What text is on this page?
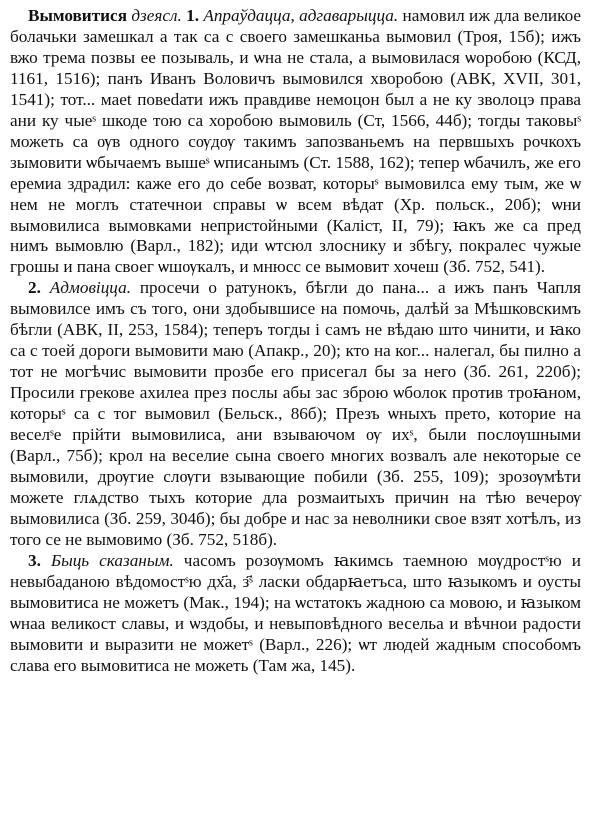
Вымовитися дзеясл. 1. Апраўдацца, адгаварыцца. намовил иж дла великое болачьки замешкал а так са с своего замешканьа вымовил (Троя, 15б); ижъ вжо трема позвы ее позываль, и ѡна не стала, а вымовилася ѡоробою (КСД, 1161, 1516); панъ Иванъ Воловичъ вымовился хворобою (АВК, XVII, 301, 1541); тот... маеt повеdати ижъ правдиве немоцон был а не ку зволоцэ права ани ку чыеˢ шкоде тою са хоробою вымовиль (Ст, 1566, 44б); тогды таковыˢ можеть са ѹв одного сѹдѹ такимъ запозваньемъ на первшыхъ рочкохъ зымовити ѡбычаемъ вышеˢ ѡписанымъ (Ст. 1588, 162); тепер ѡбачилъ, же его еремиа здрадил: каже его до себе возват, которыˢ вымовилса ему тым, же ѡ нем не моглъ статечнои справы ѡ всем вѣдат (Хр. польск., 20б); ѡни вымовилиса вымовками непристойными (Каліст, II, 79); ꙗкъ же са пред нимъ вымовлю (Варл., 182); иди ѡтсюл злоснику и збѣгу, покралес чужые грошы и пана своег ѡшѹкалъ, и мнюсс се вымовит хочеш (Зб. 752, 541).

2. Адмовіцца. просечи о ратунокъ, бѣгли до пана... а ижъ панъ Чапля вымовилсе имъ съ того, они здобывшисе на помочь, далѣй за Мѣшковскимъ бѣгли (АВК, II, 253, 1584); теперъ тогды і самъ не вѣдаю што чинити, и ꙗко са с тоей дороги вымовити маю (Апакр., 20); кто на ког... налегал, бы пилно а тот не могѣчис вымовити прозбе его присегал бы за него (Зб. 261, 220б); Просили грекове ахилеа през послы абы зас зброю ѡболок против троꙗном, которыˢ са с тог вымовил (Бельск., 86б); Презъ ѡныхъ прето, которие на веселˢе прійти вымовилиса, ани взываючом ѹ ихˢ, были послѹшными (Варл., 75б); крол на веселие сына своего многих возвалъ але некоторые се вымовили, дрѹгие слѹги взывающие побили (Зб. 255, 109); зрозѹмѣти можете глѧдство тыхъ которие дла розмаитыхъ причин на тѣю вечерѹ вымовилиса (Зб. 259, 304б); бы добре и нас за неволники свое взят хотѣлъ, из того се не вымовимо (Зб. 752, 518б).

3. Быць сказаным. часомъ розѹмомъ ꙗкимсь таемною мѹдростˢю и невыбаданою вѣдомостˢю дх҃а, з҃ˢ ласки обдарꙗетъса, што ꙗзыкомъ и оусты вымовитиса не можетъ (Мак., 194); на ѡстатокъ жадною са мовою, и ꙗзыком ѡнаа великост славы, и ѡздобы, и невыповѣдного весельа и вѣчнои радости вымовити и выразити не можетˢ (Варл., 226); ѡт людей жадным способомъ слава его вымовитиса не можеть (Там жа, 145).
